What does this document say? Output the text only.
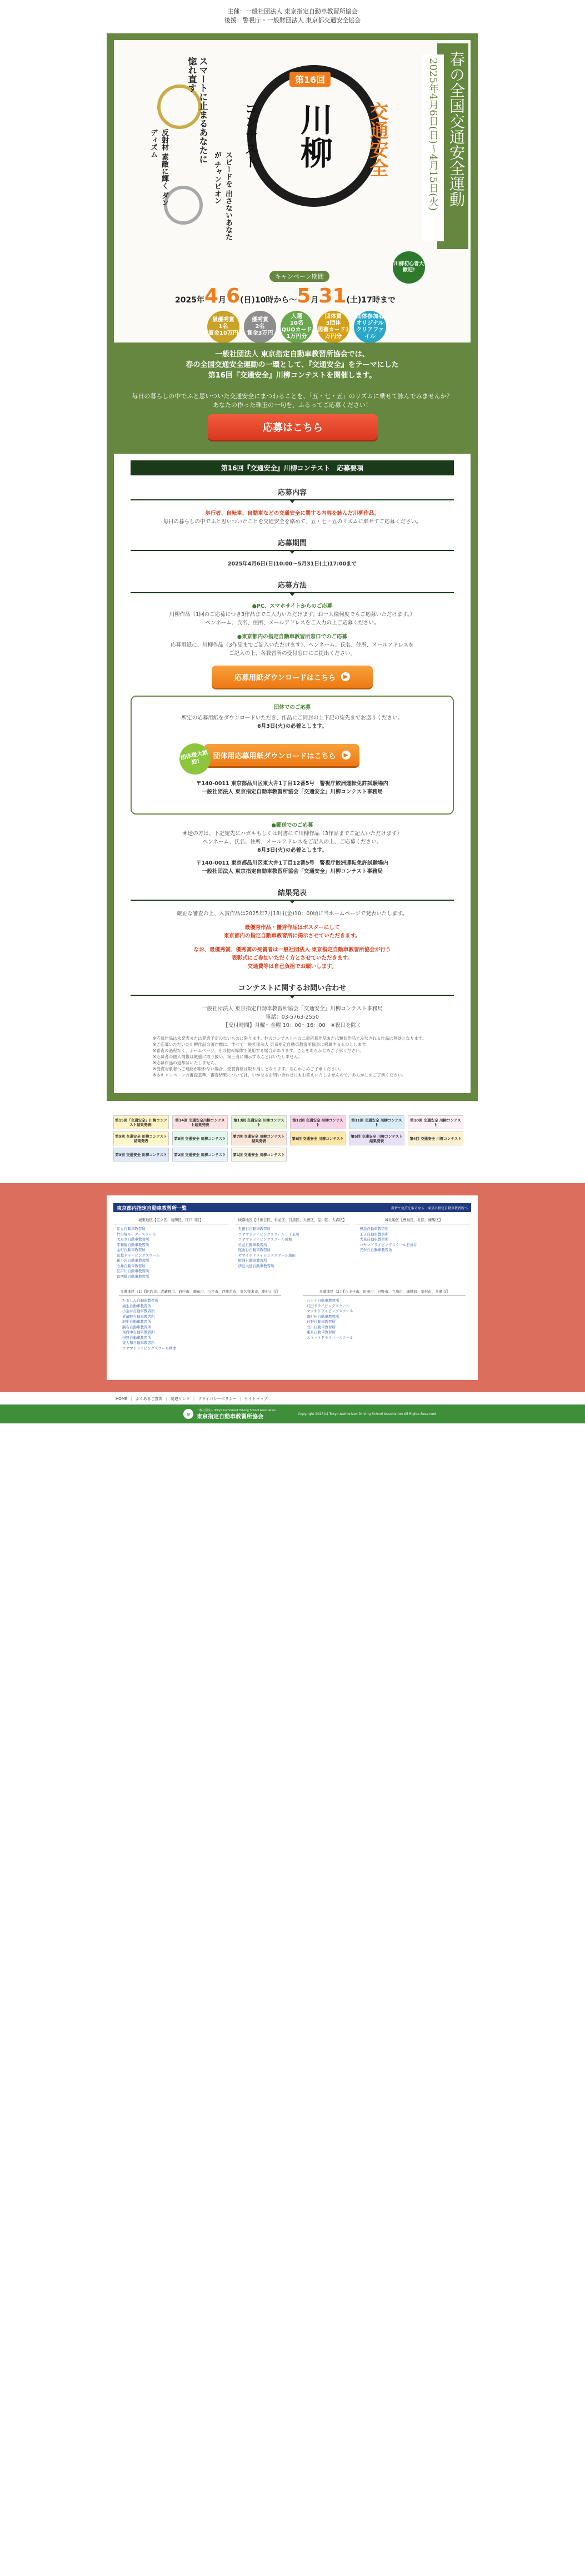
主催：一般社団法人 東京指定自動車教習所協会
後援：警視庁・一般財団法人 東京都交通安全協会
春の全国交通安全運動
2025年4月6日(日)〜4月15日(火)
スマートに止まるあなたに惚れ直す
反射材 素敵に輝く ダンディズム
スピードを 出さないあなたが チャンピオン
第16回
コンテスト 川柳 交通安全
川柳初心者大歓迎!
キャンペーン期間
2025年4月6(日)10時から〜5月31(土)17時まで
最優秀賞
1名
賞金10万円
優秀賞
2名
賞金3万円
入選
10名
QUOカード1万円分
団体賞
3団体
図書カード1万円分
団体参加者
オリジナルクリアファイル
一般社団法人 東京指定自動車教習所協会では、
春の全国交通安全運動の一環として、『交通安全』をテーマにした
第16回『交通安全』川柳コンテストを開催します。
毎日の暮らしの中でふと思いついた交通安全にまつわることを、「五・七・五」のリズムに乗せて詠んでみませんか？
あなたの作った珠玉の一句を、ふるってご応募ください！
応募はこちら
第16回『交通安全』川柳コンテスト　応募要項
応募内容
歩行者、自転車、自動車などの交通安全に関する内容を詠んだ川柳作品。
毎日の暮らしの中でふと思いついたことを交通安全を絡めて、五・七・五のリズムに乗せてご応募ください。
応募期間
2025年4月6日(日)10:00〜5月31日(土)17:00まで
応募方法
●PC、スマホサイトからのご応募
川柳作品（1回のご応募につき3作品までご入力いただけます。お一人様何度でもご応募いただけます。）
ペンネーム、氏名、住所、メールアドレスをご入力の上ご応募ください。
●東京都内の指定自動車教習所窓口でのご応募
応募用紙に、川柳作品（3作品までご記入いただけます）、ペンネーム、氏名、住所、メールアドレスを
ご記入の上、各教習所の受付窓口にご提出ください。
応募用紙ダウンロードはこちら	▶
団体でのご応募
所定の応募用紙をダウンロードいただき、作品にご同封の上下記の宛先までお送りください。
6月3日(火)の必着とします。
団体様大歓迎!
団体用応募用紙ダウンロードはこちら	▶
〒140-0011 東京都品川区東大井1丁目12番5号　警視庁鮫洲運転免許試験場内
一般社団法人 東京指定自動車教習所協会「交通安全」川柳コンテスト事務局
●郵送でのご応募
郵送の方は、下記宛先にハガキもしくは封書にて川柳作品（3作品までご記入いただけます）
ペンネーム、氏名、住所、メールアドレスをご記入の上、ご応募ください。
6月3日(火)の必着とします。
〒140-0011 東京都品川区東大井1丁目12番5号　警視庁鮫洲運転免許試験場内
一般社団法人 東京指定自動車教習所協会「交通安全」川柳コンテスト事務局
結果発表
厳正な審査の上、入賞作品は2025年7月18日(金)10：00頃に当ホームページで発表いたします。
最優秀作品・優秀作品はポスターにして
東京都内の指定自動車教習所に掲示させていただきます。
なお、最優秀賞、優秀賞の受賞者は一般社団法人 東京指定自動車教習所協会が行う
表彰式にご参加いただく方とさせていただきます。
交通費等は自己負担でお願いします。
コンテストに関するお問い合わせ
一般社団法人 東京指定自動車教習所協会「交通安全」川柳コンテスト事務局
電話：03-5763-2550
【受付時間】月曜〜金曜 10：00〜16：00　※祝日を除く
※応募作品は未発表または発表予定のないものに限ります。他のコンテストへの二重応募作品または類似作品とみなされる作品は無効となります。
※ご応募いただいた川柳作品の著作権は、すべて一般社団法人 東京指定自動車教習所協会に帰属するものとします。
※審査の過程なく、ホームページ、その他の媒体で使用する場合があります。ことをあらかじめご了承ください。
※応募者の個人情報は厳重に取り扱い、第三者に開示することはいたしません。
※応募作品の返却はいたしません。
※受賞対象者へご連絡が取れない場合、受賞資格は取り消しとなります。あらかじめご了承ください。
※本キャンペーンの審査基準、審査結果については、いかなるお問い合わせにもお答えいたしませんので、あらかじめご了承ください。
第15回「交通安全」川柳コンテスト結果発表!
第14回 交通安全川柳コンテスト結果発表
第13回 交通安全 川柳コンテスト
第12回 交通安全 川柳コンテスト
第11回 交通安全 川柳コンテスト
第10回 交通安全 川柳コンテスト
第9回 交通安全 川柳コンテスト 結果発表	第8回 交通安全 川柳コンテスト	第7回 交通安全 川柳コンテスト 結果発表	第6回 交通安全 川柳コンテスト	第5回 交通安全 川柳コンテスト 結果発表	第4回 交通安全 川柳コンテスト
第3回 交通安全 川柳コンテスト	第2回 交通安全 川柳コンテスト	第1回 交通安全 川柳コンテスト
東京都内指定自動車教習所一覧	教習で免許を取るなら　東京の指定自動車教習所へ
城東地区【足立区、葛飾区、江戸川区】
足立自動車教習所
竹の塚モータースクール
北足立自動車教習所
平和橋自動車教習所
金町自動車教習所
京葉ドライビングスクール
新小岩自動車教習所
今井自動車教習所
江戸川自動車教習所
葛西橋自動車教習所
城南地区【世田谷区、杉並区、目黒区、大田区、品川区、大森区】
世田谷自動車教習所
コヤマドライビングスクール二子玉川
コヤマドライビングスクール成城
杉並自動車教習所
尾山台自動車教習所
ヤマイチドライビングスクール蒲田
鮫洲自動車教習所
伊豆大島自動車教習所
城北地区【豊島区、北区、練馬区】
豊島自動車教習所
王子自動車教習所
大泉自動車教習所
コヤマドライビングスクール石神井
光が丘自動車教習所
多摩地区（1）【昭島市、武蔵野市、府中市、調布市、小平市、西東京市、東久留米市、東村山市】
たましん自動車教習所
福生自動車教習所
小金井自動車教習所
武蔵野自動車教習所
府中自動車教習所
調布自動車教習所
東府中自動車教習所
田無自動車教習所
東大和自動車教習所
コヤマドライビングスクール秋津
多摩地区（2）【八王子市、町田市、日野市、立川市、瑞穂町、羽村市、多摩市】
八王子自動車教習所
町田ドライビングスクール
マツオドライビングスクール
南町田自動車教習所
日野自動車教習所
立川自動車教習所
東京自動車教習所
スマートドライバースクール
▲ページのトップへ
HOME | よくあるご質問 | 関連リンク | プライバシーポリシー | サイトマップ
⊛
一般社団法人 Tokyo Authorized Driving School Association
東京指定自動車教習所協会	Copyright 2023(c) Tokyo Authorized Driving School Association All Rights Reserved.
